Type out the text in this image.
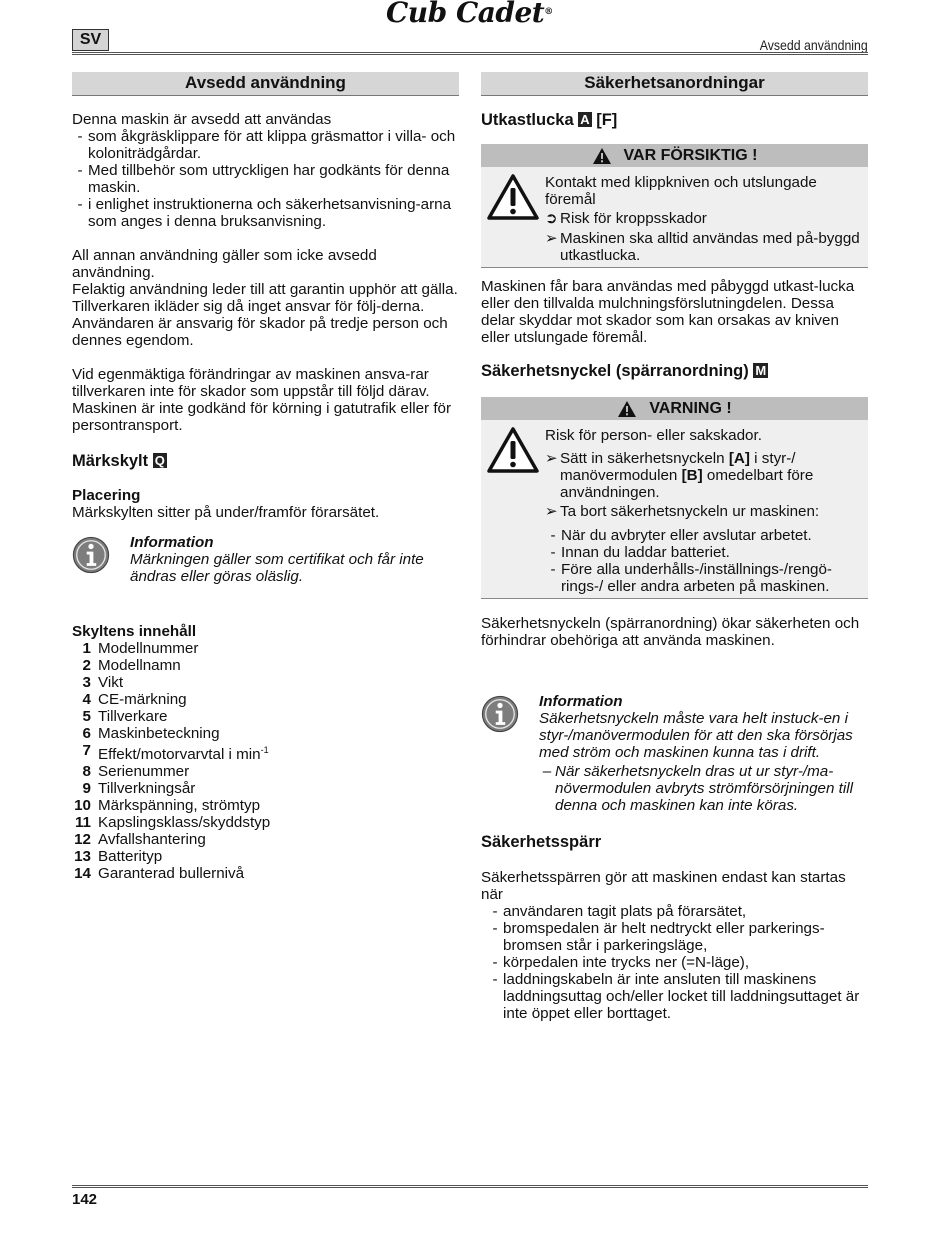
Cub Cadet®
SV	Avsedd användning
Avsedd användning

Denna maskin är avsedd att användas

- som åkgräsklippare för att klippa gräsmattor i villa- och koloniträdgårdar.
- Med tillbehör som uttryckligen har godkänts för denna maskin.
- i enlighet instruktionerna och säkerhetsanvisning-arna som anges i denna bruksanvisning.

All annan användning gäller som icke avsedd användning.

Felaktig användning leder till att garantin upphör att gälla. Tillverkaren ikläder sig då inget ansvar för följ-derna. Användaren är ansvarig för skador på tredje person och dennes egendom.

Vid egenmäktiga förändringar av maskinen ansva-rar tillverkaren inte för skador som uppstår till följd därav.

Maskinen är inte godkänd för körning i gatutrafik eller för persontransport.

Märkskylt Q
Placering

Märkskylten sitter på under/framför förarsätet.

Information
Märkningen gäller som certifikat och får inte ändras eller göras oläslig.
Skyltens innehåll
1 Modellnummer
2 Modellnamn
3 Vikt
4 CE-märkning
5 Tillverkare
6 Maskinbeteckning
7 Effekt/motorvarvtal i $\min^{-1}$
8 Serienummer
9 Tillverkningsår
10 Märkspänning, strömtyp
11 Kapslingsklass/skyddstyp
12 Avfallshantering
13 Batterityp
14 Garanterad bullernivå
Säkerhetsanordningar
Utkastlucka A [F]
VAR FÖRSIKTIG !

Kontakt med klippkniven och utslungade föremål

➲ Risk för kroppsskador
➢ Maskinen ska alltid användas med på-byggd utkastlucka.

Maskinen får bara användas med påbyggd utkast-lucka eller den tillvalda mulchningsförslutningdelen. Dessa delar skyddar mot skador som kan orsakas av kniven eller utslungade föremål.

Säkerhetsnyckel (spärranordning) M
VARNING !

Risk för person- eller sakskador.

➢ Sätt in säkerhetsnyckeln [A] i styr-/ manövermodulen [B] omedelbart före användningen.
➢ Ta bort säkerhetsnyckeln ur maskinen:
- När du avbryter eller avslutar arbetet.
- Innan du laddar batteriet.
- Före alla underhålls-/inställnings-/rengö-rings-/ eller andra arbeten på maskinen.

Säkerhetsnyckeln (spärranordning) ökar säkerheten och förhindrar obehöriga att använda maskinen.

Information
Säkerhetsnyckeln måste vara helt instuck-en i styr-/manövermodulen för att den ska försörjas med ström och maskinen kunna tas i drift.
– När säkerhetsnyckeln dras ut ur styr-/ma-növermodulen avbryts strömförsörjningen till denna och maskinen kan inte köras.
Säkerhetsspärr

Säkerhetsspärren gör att maskinen endast kan startas när

- användaren tagit plats på förarsätet,
- bromspedalen är helt nedtryckt eller parkerings-bromsen står i parkeringsläge,
- körpedalen inte trycks ner (=N-läge),
- laddningskabeln är inte ansluten till maskinens laddningsuttag och/eller locket till laddningsuttaget är inte öppet eller borttaget.
142
